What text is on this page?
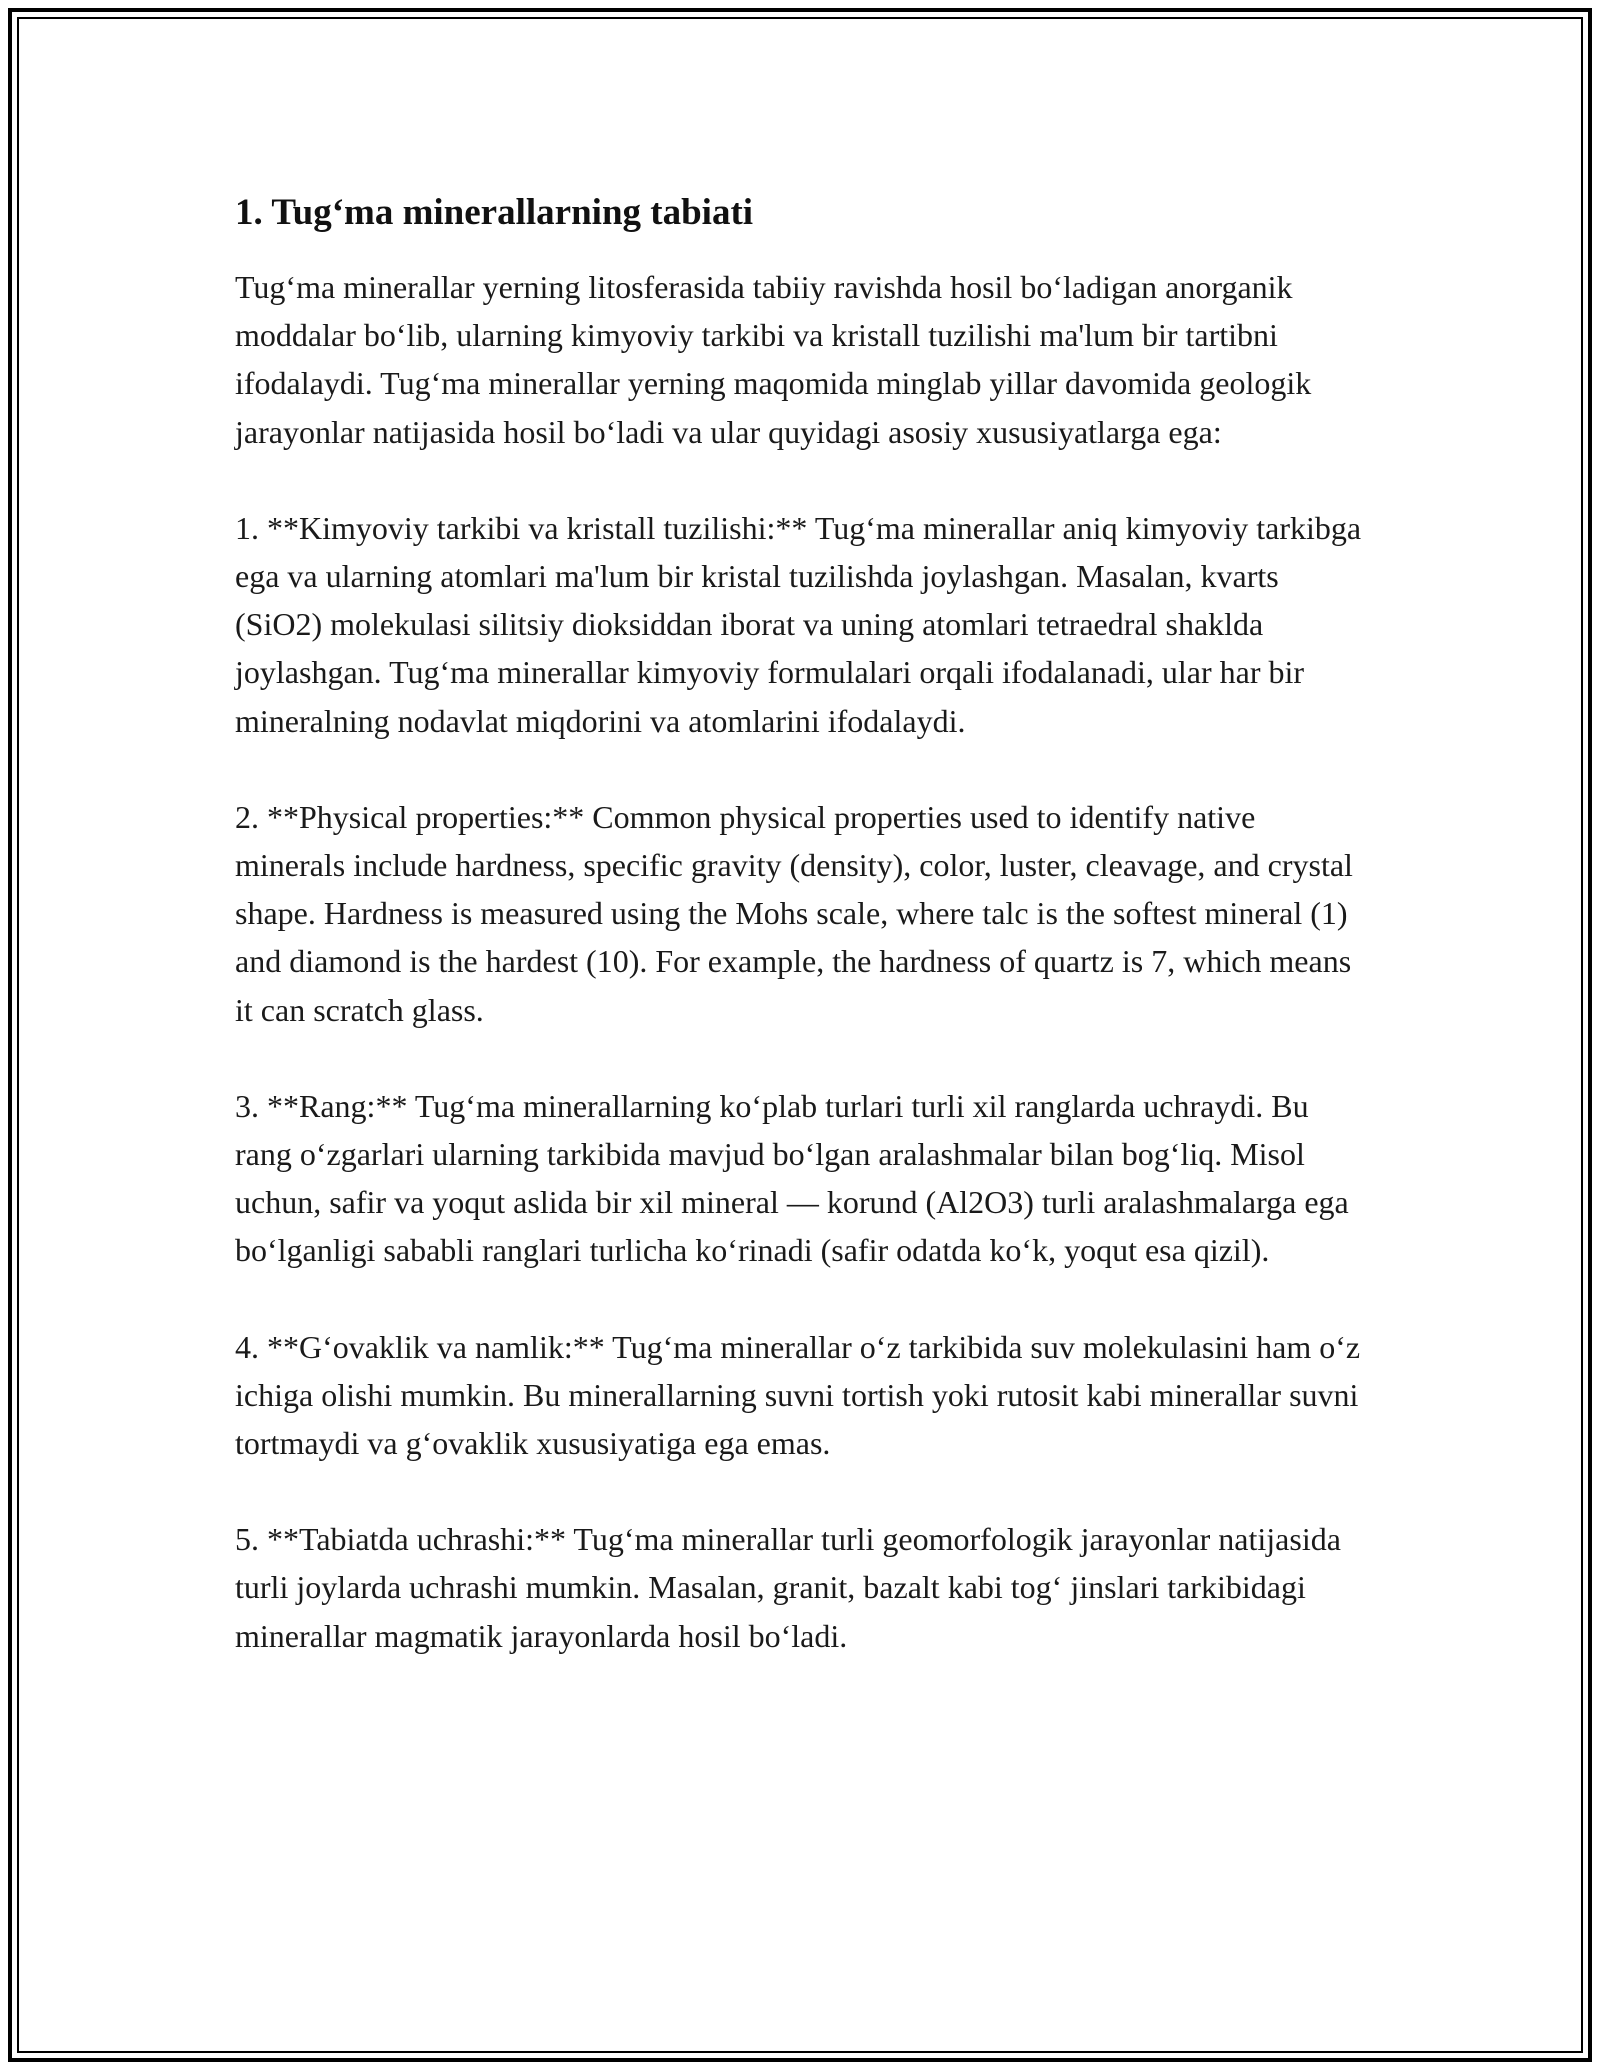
1. Tug‘ma minerallarning tabiati

Tug‘ma minerallar yerning litosferasida tabiiy ravishda hosil bo‘ladigan anorganik moddalar bo‘lib, ularning kimyoviy tarkibi va kristall tuzilishi ma'lum bir tartibni ifodalaydi. Tug‘ma minerallar yerning maqomida minglab yillar davomida geologik jarayonlar natijasida hosil bo‘ladi va ular quyidagi asosiy xususiyatlarga ega:

1. **Kimyoviy tarkibi va kristall tuzilishi:** Tug‘ma minerallar aniq kimyoviy tarkibga ega va ularning atomlari ma'lum bir kristal tuzilishda joylashgan. Masalan, kvarts (SiO2) molekulasi silitsiy dioksiddan iborat va uning atomlari tetraedral shaklda joylashgan. Tug‘ma minerallar kimyoviy formulalari orqali ifodalanadi, ular har bir mineralning nodavlat miqdorini va atomlarini ifodalaydi.

2. **Physical properties:** Common physical properties used to identify native minerals include hardness, specific gravity (density), color, luster, cleavage, and crystal shape. Hardness is measured using the Mohs scale, where talc is the softest mineral (1) and diamond is the hardest (10). For example, the hardness of quartz is 7, which means it can scratch glass.

3. **Rang:** Tug‘ma minerallarning ko‘plab turlari turli xil ranglarda uchraydi. Bu rang o‘zgarlari ularning tarkibida mavjud bo‘lgan aralashmalar bilan bog‘liq. Misol uchun, safir va yoqut aslida bir xil mineral — korund (Al2O3) turli aralashmalarga ega bo‘lganligi sababli ranglari turlicha ko‘rinadi (safir odatda ko‘k, yoqut esa qizil).

4. **G‘ovaklik va namlik:** Tug‘ma minerallar o‘z tarkibida suv molekulasini ham o‘z ichiga olishi mumkin. Bu minerallarning suvni tortish yoki rutosit kabi minerallar suvni tortmaydi va g‘ovaklik xususiyatiga ega emas.

5. **Tabiatda uchrashi:** Tug‘ma minerallar turli geomorfologik jarayonlar natijasida turli joylarda uchrashi mumkin. Masalan, granit, bazalt kabi tog‘ jinslari tarkibidagi minerallar magmatik jarayonlarda hosil bo‘ladi.
